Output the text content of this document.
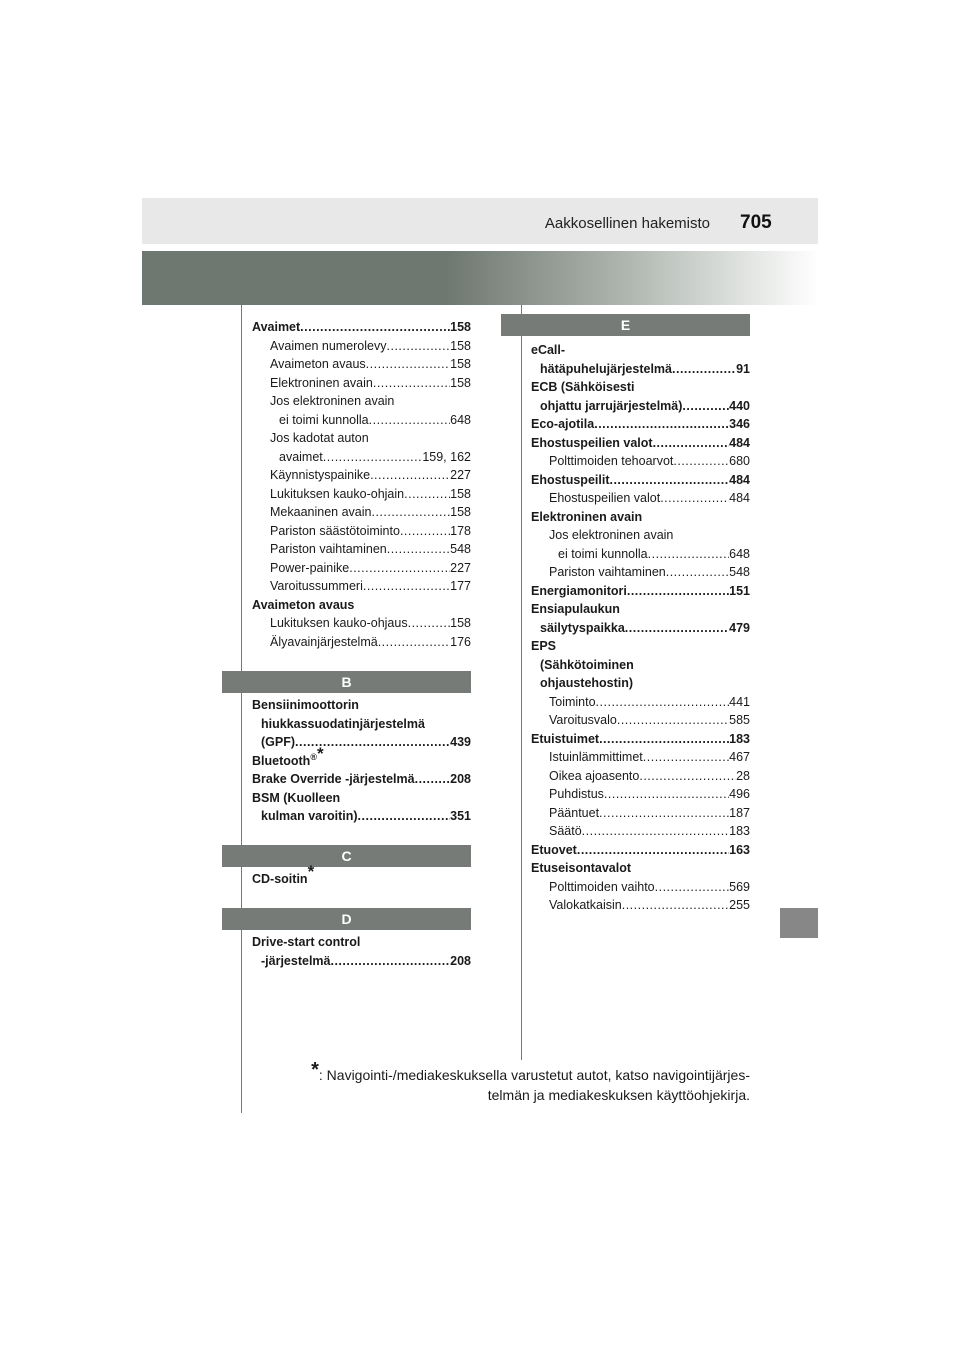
Aakkosellinen hakemisto 705
Avaimet .....	158
Avaimen numerolevy .....	158
Avaimeton avaus .....	158
Elektroninen avain .....	158
Jos elektroninen avain
ei toimi kunnolla .....	648
Jos kadotat auton
avaimet .....	159, 162
Käynnistyspainike .....	227
Lukituksen kauko-ohjain .....	158
Mekaaninen avain .....	158
Pariston säästötoiminto .....	178
Pariston vaihtaminen .....	548
Power-painike .....	227
Varoitussummeri .....	177
Avaimeton avaus
Lukituksen kauko-ohjaus .....	158
Älyavainjärjestelmä .....	176
B
Bensiinimoottorin
hiukkassuodatinjärjestelmä
(GPF) .....	439
Bluetooth®*
Brake Override -järjestelmä .....	208
BSM (Kuolleen
kulman varoitin) .....	351
C
CD-soitin*
D
Drive-start control
-järjestelmä .....	208
E
eCall-
hätäpuhelujärjestelmä .....	91
ECB (Sähköisesti
ohjattu jarrujärjestelmä) .....	440
Eco-ajotila .....	346
Ehostuspeilien valot .....	484
Polttimoiden tehoarvot .....	680
Ehostuspeilit .....	484
Ehostuspeilien valot .....	484
Elektroninen avain
Jos elektroninen avain
ei toimi kunnolla .....	648
Pariston vaihtaminen .....	548
Energiamonitori .....	151
Ensiapulaukun
säilytyspaikka .....	479
EPS
(Sähkötoiminen
ohjaustehostin)
Toiminto .....	441
Varoitusvalo .....	585
Etuistuimet .....	183
Istuinlämmittimet .....	467
Oikea ajoasento .....	28
Puhdistus .....	496
Pääntuet .....	187
Säätö .....	183
Etuovet .....	163
Etuseisontavalot
Polttimoiden vaihto .....	569
Valokatkaisin .....	255
*: Navigointi-/mediakeskuksella varustetut autot, katso navigointijärjes-
telmän ja mediakeskuksen käyttöohjekirja.
